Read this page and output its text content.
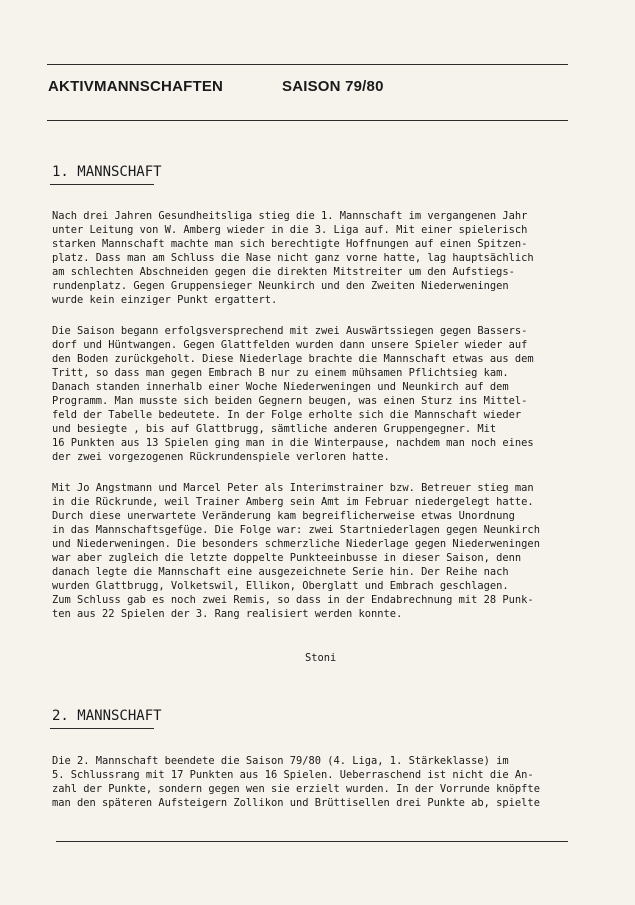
AKTIVMANNSCHAFTEN	SAISON 79/80
1. MANNSCHAFT
Nach drei Jahren Gesundheitsliga stieg die 1. Mannschaft im vergangenen Jahr
unter Leitung von W. Amberg wieder in die 3. Liga auf. Mit einer spielerisch
starken Mannschaft machte man sich berechtigte Hoffnungen auf einen Spitzen-
platz. Dass man am Schluss die Nase nicht ganz vorne hatte, lag hauptsächlich
am schlechten Abschneiden gegen die direkten Mitstreiter um den Aufstiegs-
rundenplatz. Gegen Gruppensieger Neunkirch und den Zweiten Niederweningen
wurde kein einziger Punkt ergattert.
Die Saison begann erfolgsversprechend mit zwei Auswärtssiegen gegen Bassers-
dorf und Hüntwangen. Gegen Glattfelden wurden dann unsere Spieler wieder auf
den Boden zurückgeholt. Diese Niederlage brachte die Mannschaft etwas aus dem
Tritt, so dass man gegen Embrach B nur zu einem mühsamen Pflichtsieg kam.
Danach standen innerhalb einer Woche Niederweningen und Neunkirch auf dem
Programm. Man musste sich beiden Gegnern beugen, was einen Sturz ins Mittel-
feld der Tabelle bedeutete. In der Folge erholte sich die Mannschaft wieder
und besiegte , bis auf Glattbrugg, sämtliche anderen Gruppengegner. Mit
16 Punkten aus 13 Spielen ging man in die Winterpause, nachdem man noch eines
der zwei vorgezogenen Rückrundenspiele verloren hatte.
Mit Jo Angstmann und Marcel Peter als Interimstrainer bzw. Betreuer stieg man
in die Rückrunde, weil Trainer Amberg sein Amt im Februar niedergelegt hatte.
Durch diese unerwartete Veränderung kam begreiflicherweise etwas Unordnung
in das Mannschaftsgefüge. Die Folge war: zwei Startniederlagen gegen Neunkirch
und Niederweningen. Die besonders schmerzliche Niederlage gegen Niederweningen
war aber zugleich die letzte doppelte Punkteeinbusse in dieser Saison, denn
danach legte die Mannschaft eine ausgezeichnete Serie hin. Der Reihe nach
wurden Glattbrugg, Volketswil, Ellikon, Oberglatt und Embrach geschlagen.
Zum Schluss gab es noch zwei Remis, so dass in der Endabrechnung mit 28 Punk-
ten aus 22 Spielen der 3. Rang realisiert werden konnte.
Stoni
2. MANNSCHAFT
Die 2. Mannschaft beendete die Saison 79/80 (4. Liga, 1. Stärkeklasse) im
5. Schlussrang mit 17 Punkten aus 16 Spielen. Ueberraschend ist nicht die An-
zahl der Punkte, sondern gegen wen sie erzielt wurden. In der Vorrunde knöpfte
man den späteren Aufsteigern Zollikon und Brüttisellen drei Punkte ab, spielte
